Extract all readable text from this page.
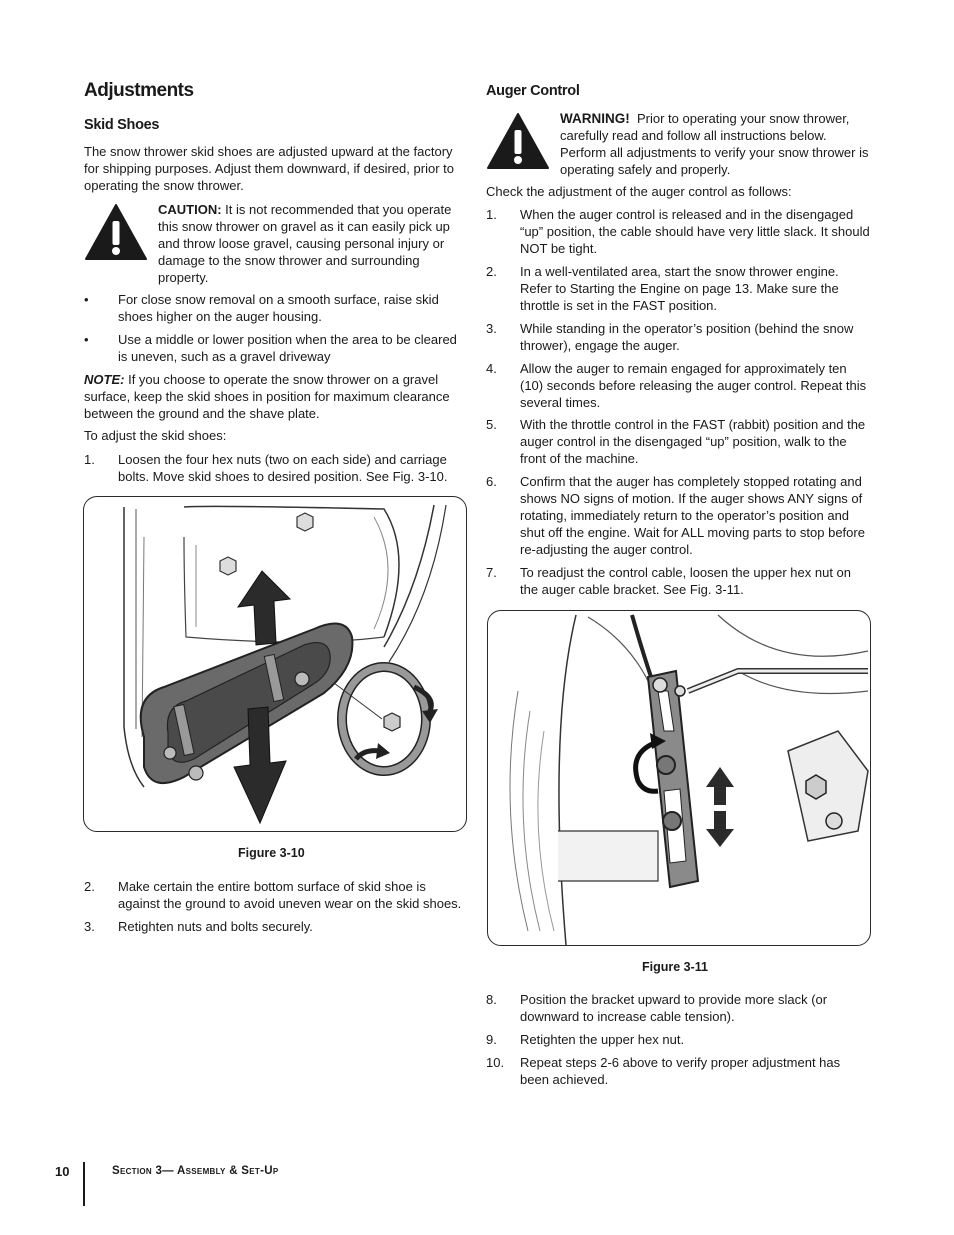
Adjustments
Skid Shoes

The snow thrower skid shoes are adjusted upward at the factory for shipping purposes. Adjust them downward, if desired, prior to operating the snow thrower.

CAUTION: It is not recommended that you operate this snow thrower on gravel as it can easily pick up and throw loose gravel, causing personal injury or damage to the snow thrower and surrounding property.

• For close snow removal on a smooth surface, raise skid shoes higher on the auger housing.
• Use a middle or lower position when the area to be cleared is uneven, such as a gravel driveway

NOTE: If you choose to operate the snow thrower on a gravel surface, keep the skid shoes in position for maximum clearance between the ground and the shave plate.

To adjust the skid shoes:

1. Loosen the four hex nuts (two on each side) and carriage bolts. Move skid shoes to desired position. See Fig. 3-10.
Figure 3-10
2. Make certain the entire bottom surface of skid shoe is against the ground to avoid uneven wear on the skid shoes.
3. Retighten nuts and bolts securely.
Auger Control

WARNING! Prior to operating your snow thrower, carefully read and follow all instructions below. Perform all adjustments to verify your snow thrower is operating safely and properly.

Check the adjustment of the auger control as follows:

1. When the auger control is released and in the disengaged “up” position, the cable should have very little slack. It should NOT be tight.
2. In a well-ventilated area, start the snow thrower engine. Refer to Starting the Engine on page 13. Make sure the throttle is set in the FAST position.
3. While standing in the operator’s position (behind the snow thrower), engage the auger.
4. Allow the auger to remain engaged for approximately ten (10) seconds before releasing the auger control. Repeat this several times.
5. With the throttle control in the FAST (rabbit) position and the auger control in the disengaged “up” position, walk to the front of the machine.
6. Confirm that the auger has completely stopped rotating and shows NO signs of motion. If the auger shows ANY signs of rotating, immediately return to the operator’s position and shut off the engine. Wait for ALL moving parts to stop before re-adjusting the auger control.
7. To readjust the control cable, loosen the upper hex nut on the auger cable bracket. See Fig. 3-11.
Figure 3-11
8. Position the bracket upward to provide more slack (or downward to increase cable tension).
9. Retighten the upper hex nut.
10. Repeat steps 2-6 above to verify proper adjustment has been achieved.
10	Section 3— Assembly & Set-Up
